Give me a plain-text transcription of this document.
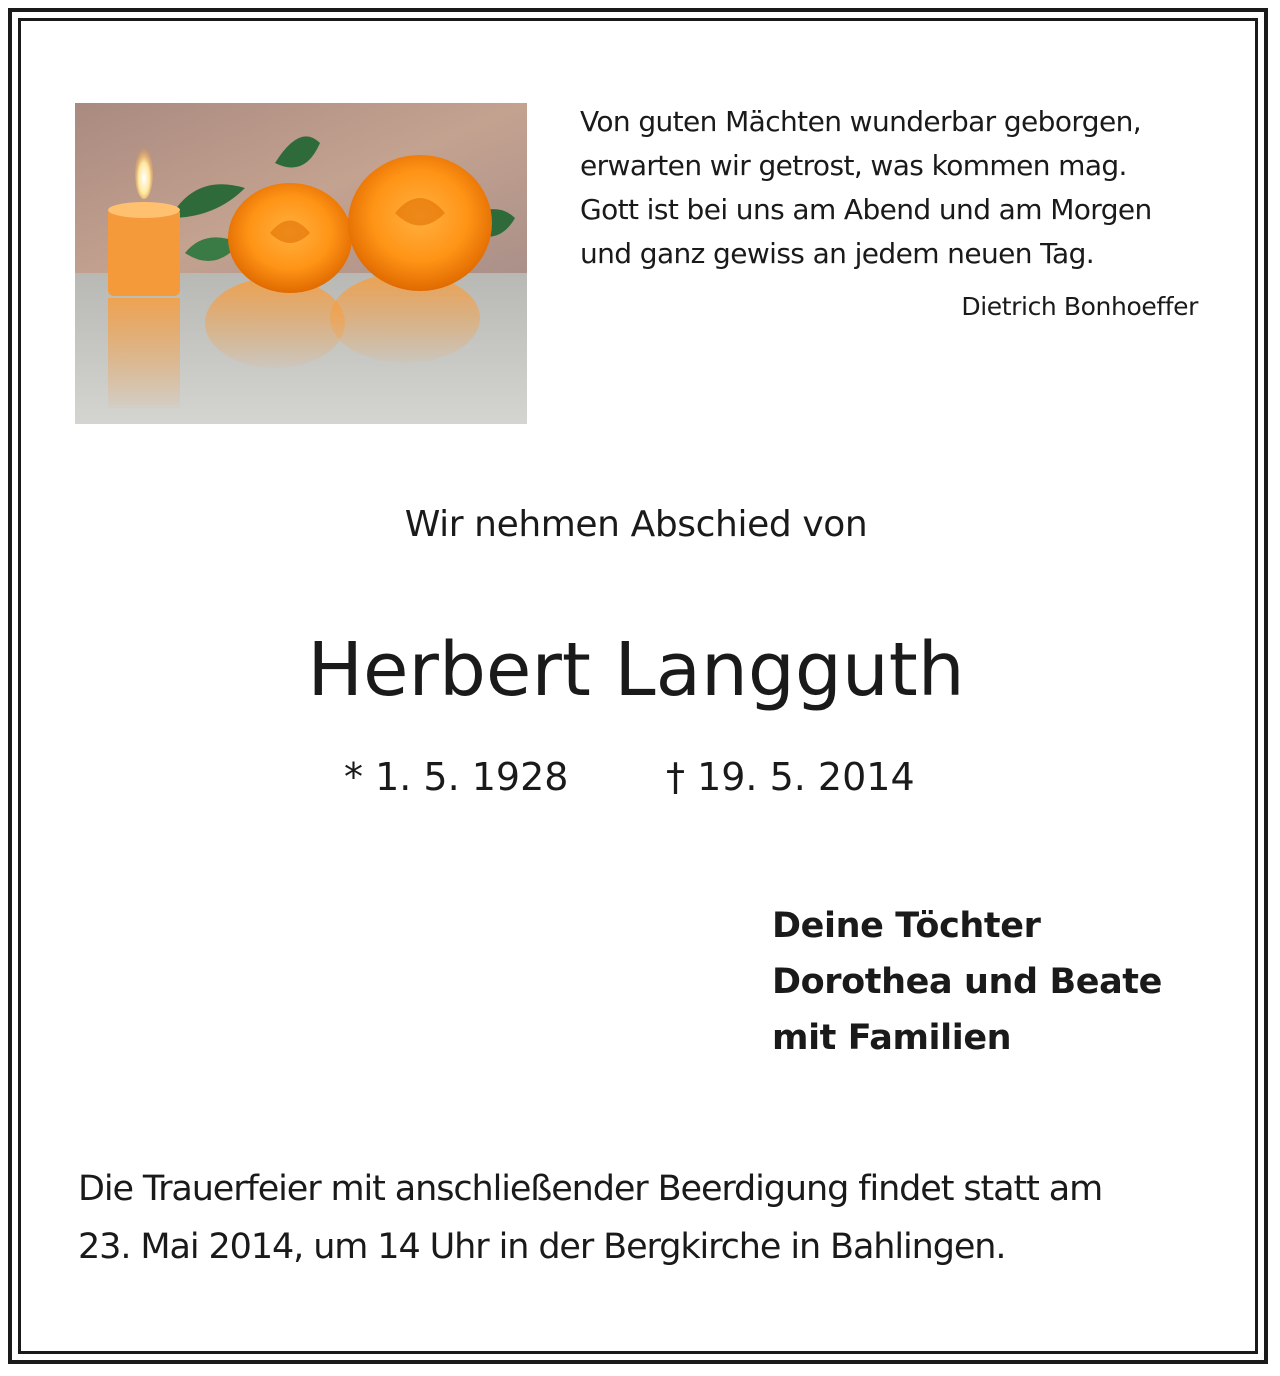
Von guten Mächten wunderbar geborgen,
erwarten wir getrost, was kommen mag.
Gott ist bei uns am Abend und am Morgen
und ganz gewiss an jedem neuen Tag.
Dietrich Bonhoeffer
Wir nehmen Abschied von
Herbert Langguth
* 1. 5. 1928	† 19. 5. 2014
Deine Töchter
Dorothea und Beate
mit Familien
Die Trauerfeier mit anschließender Beerdigung findet statt am
23. Mai 2014, um 14 Uhr in der Bergkirche in Bahlingen.
